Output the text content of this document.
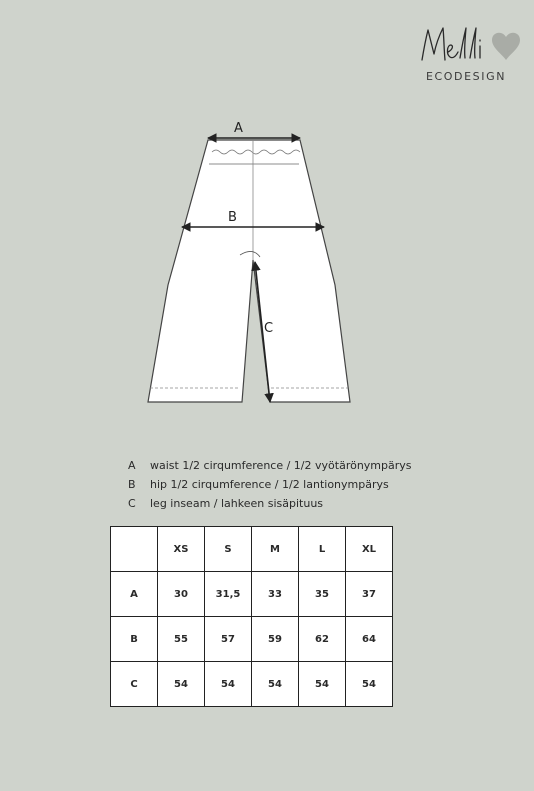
ECODESIGN
A
B
C
A	waist 1/2 cirqumference / 1/2 vyötärönympärys
B	hip 1/2 cirqumference / 1/2 lantionympärys
C	leg inseam / lahkeen sisäpituus
	XS	S	M	L	XL
A	30	31,5	33	35	37
B	55	57	59	62	64
C	54	54	54	54	54
